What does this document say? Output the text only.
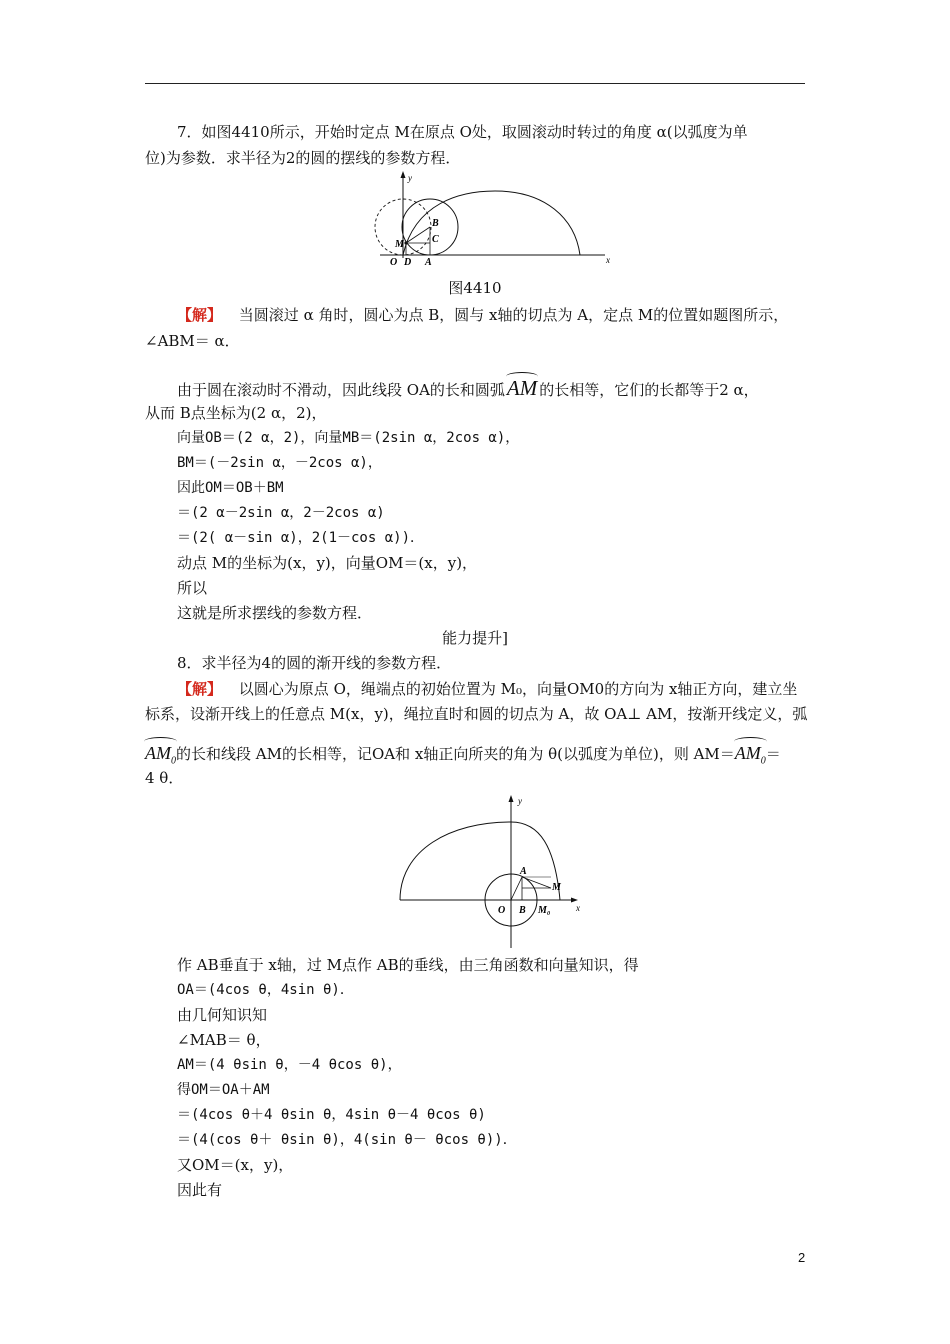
7．如图4410所示，开始时定点 M在原点 O处，取圆滚动时转过的角度 α(以弧度为单
位)为参数．求半径为2的圆的摆线的参数方程．
y
x
B
C
M
O D A
图4410
【解】 当圆滚过 α 角时，圆心为点 B，圆与 x轴的切点为 A，定点 M的位置如题图所示，
∠ABM＝ α．
由于圆在滚动时不滑动，因此线段 OA的长和圆弧AM 的长相等，它们的长都等于2 α，
从而 B点坐标为(2 α，2)，
向量OB＝(2 α，2)，向量MB＝(2sin α，2cos α)，
BM＝(－2sin α，－2cos α)，
因此OM＝OB＋BM
＝(2 α－2sin α，2－2cos α)
＝(2( α－sin α)，2(1－cos α))．
动点 M的坐标为(x，y)，向量OM＝(x，y)，
所以
这就是所求摆线的参数方程．
能力提升]
8．求半径为4的圆的渐开线的参数方程．
【解】 以圆心为原点 O，绳端点的初始位置为 M₀，向量OM0的方向为 x轴正方向，建立坐
标系，设渐开线上的任意点 M(x，y)，绳拉直时和圆的切点为 A，故 OA⊥ AM，按渐开线定义，弧
$AM_0$的长和线段 AM的长相等，记OA和 x轴正向所夹的角为 θ(以弧度为单位)，则 $AM=AM_0=$
4 θ．
y
x
A
M
O B M₀
作 AB垂直于 x轴，过 M点作 AB的垂线，由三角函数和向量知识，得
OA＝(4cos θ，4sin θ)．
由几何知识知
∠MAB＝ θ，
AM＝(4 θsin θ，－4 θcos θ)，
得OM＝OA＋AM
＝(4cos θ＋4 θsin θ，4sin θ－4 θcos θ)
＝(4(cos θ＋ θsin θ)，4(sin θ－ θcos θ))．
又OM＝(x，y)，
因此有
2
